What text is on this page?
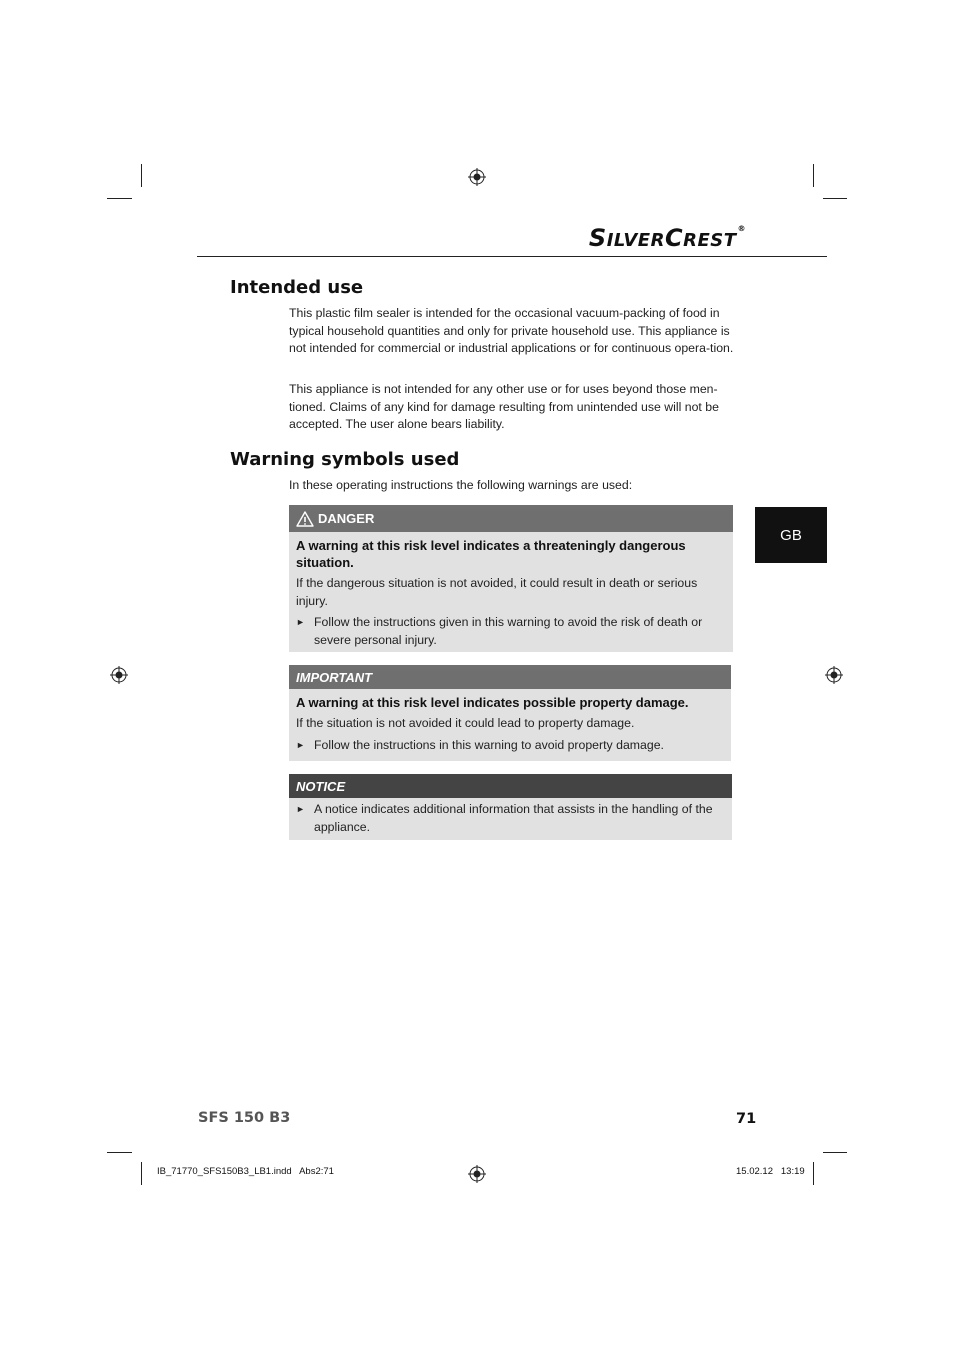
SILVERCREST®
Intended use

This plastic film sealer is intended for the occasional vacuum-packing of food in typical household quantities and only for private household use. This appliance is not intended for commercial or industrial applications or for continuous opera-tion.

This appliance is not intended for any other use or for uses beyond those men-tioned. Claims of any kind for damage resulting from unintended use will not be accepted. The user alone bears liability.

Warning symbols used

In these operating instructions the following warnings are used:

DANGER

A warning at this risk level indicates a threateningly dangerous situation.

If the dangerous situation is not avoided, it could result in death or serious injury.

► Follow the instructions given in this warning to avoid the risk of death or severe personal injury.
IMPORTANT

A warning at this risk level indicates possible property damage.

If the situation is not avoided it could lead to property damage.

► Follow the instructions in this warning to avoid property damage.
NOTICE
► A notice indicates additional information that assists in the handling of the appliance.
GB
SFS 150 B3	71
IB_71770_SFS150B3_LB1.indd   Abs2:71	15.02.12   13:19
